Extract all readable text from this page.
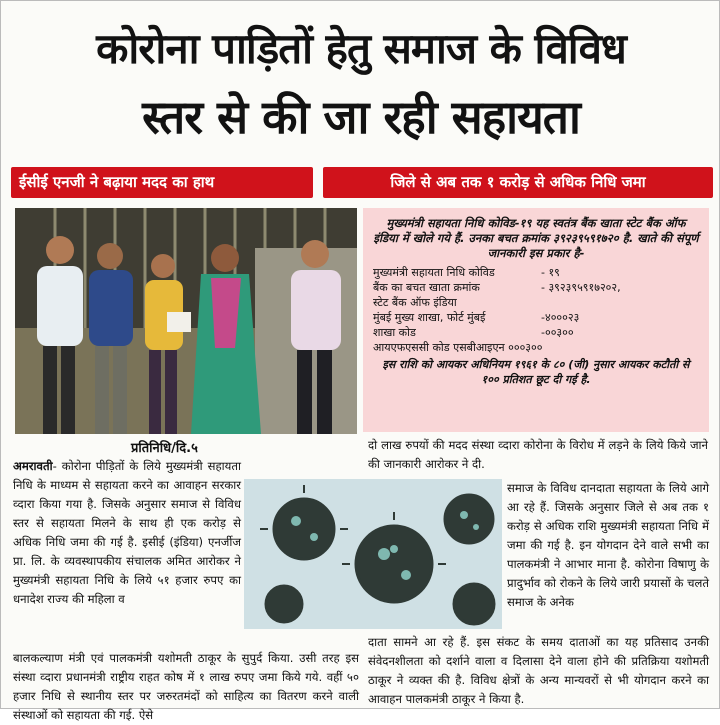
कोरोना पाड़ितों हेतु समाज के विविध
स्तर से की जा रही सहायता
ईसीई एनजी ने बढ़ाया मदद का हाथ	जिले से अब तक १ करोड़ से अधिक निधि जमा
मुख्यमंत्री सहायता निधि कोविड-१९ यह स्वतंत्र बैंक खाता स्टेट बैंक ऑफ इंडिया में खोले गये हैं. उनका बचत क्रमांक ३९२३९५९१७२० है. खाते की संपूर्ण जानकारी इस प्रकार है-
मुख्यमंत्री सहायता निधि कोविड	- १९
बैंक का बचत खाता क्रमांक	- ३९२३९५९१७२०२,
स्टेट बैंक ऑफ इंडिया
मुंबई मुख्य शाखा, फोर्ट मुंबई	-४०००२३
शाखा कोड	-००३००
आयएफएससी कोड एसबीआइएन ०००३००
इस राशि को आयकर अधिनियम १९६१ के ८० (जी) नुसार आयकर कटौती से १०० प्रतिशत छूट दी गई है.
प्रतिनिधि/दि.५
अमरावती- कोरोना पीड़ितों के लिये मुख्यमंत्री सहायता निधि के माध्यम से सहायता करने का आवाहन सरकार व्दारा किया गया है. जिसके अनुसार समाज से विविध स्तर से सहायता मिलने के साथ ही एक करोड़ से अधिक निधि जमा की गई है. इसीई (इंडिया) एनर्जीज प्रा. लि. के व्यवस्थापकीय संचालक अमित आरोकर ने मुख्यमंत्री सहायता निधि के लिये ५१ हजार रुपए का धनादेश राज्य की महिला व
बालकल्याण मंत्री एवं पालकमंत्री यशोमती ठाकूर के सुपुर्द किया. उसी तरह इस संस्था व्दारा प्रधानमंत्री राष्ट्रीय राहत कोष में १ लाख रुपए जमा किये गये. वहीं ५० हजार निधि से स्थानीय स्तर पर जरुरतमंदों को साहित्य का वितरण करने वाली संस्थाओं को सहायता की गई. ऐसे
दो लाख रुपयों की मदद संस्था व्दारा कोरोना के विरोध में लड़ने के लिये किये जाने की जानकारी आरोकर ने दी.
समाज के विविध दानदाता सहायता के लिये आगे आ रहे हैं. जिसके अनुसार जिले से अब तक १ करोड़ से अधिक राशि मुख्यमंत्री सहायता निधि में जमा की गई है. इन योगदान देने वाले सभी का पालकमंत्री ने आभार माना है. कोरोना विषाणु के प्रादुर्भाव को रोकने के लिये जारी प्रयासों के चलते समाज के अनेक
दाता सामने आ रहे हैं. इस संकट के समय दाताओं का यह प्रतिसाद उनकी संवेदनशीलता को दर्शाने वाला व दिलासा देने वाला होने की प्रतिक्रिया यशोमती ठाकूर ने व्यक्त की है. विविध क्षेत्रों के अन्य मान्यवरों से भी योगदान करने का आवाहन पालकमंत्री ठाकूर ने किया है.
